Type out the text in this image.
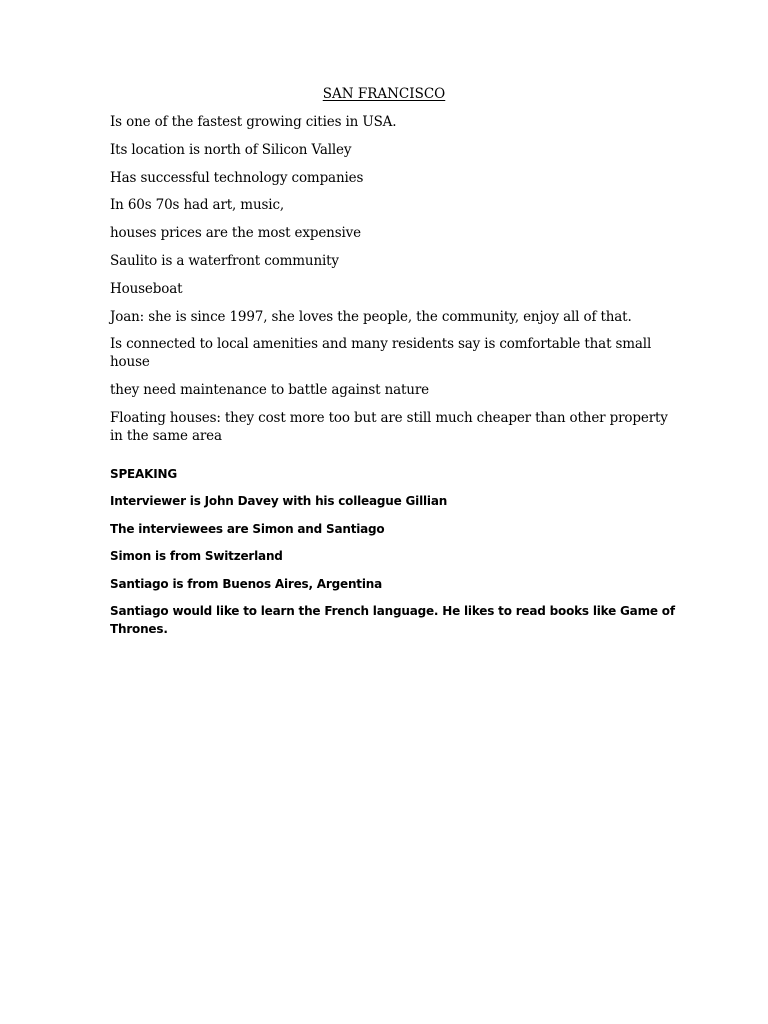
SAN FRANCISCO

Is one of the fastest growing cities in USA.

Its location is north of Silicon Valley

Has successful technology companies

In 60s 70s had art, music,

houses prices are the most expensive

Saulito is a waterfront community

Houseboat

Joan: she is since 1997, she loves the people, the community, enjoy all of that.

Is connected to local amenities and many residents say is comfortable that small house

they need maintenance to battle against nature

Floating houses: they cost more too but are still much cheaper than other property in the same area

SPEAKING

Interviewer is John Davey with his colleague Gillian

The interviewees are Simon and Santiago

Simon is from Switzerland

Santiago is from Buenos Aires, Argentina

Santiago would like to learn the French language. He likes to read books like Game of Thrones.
